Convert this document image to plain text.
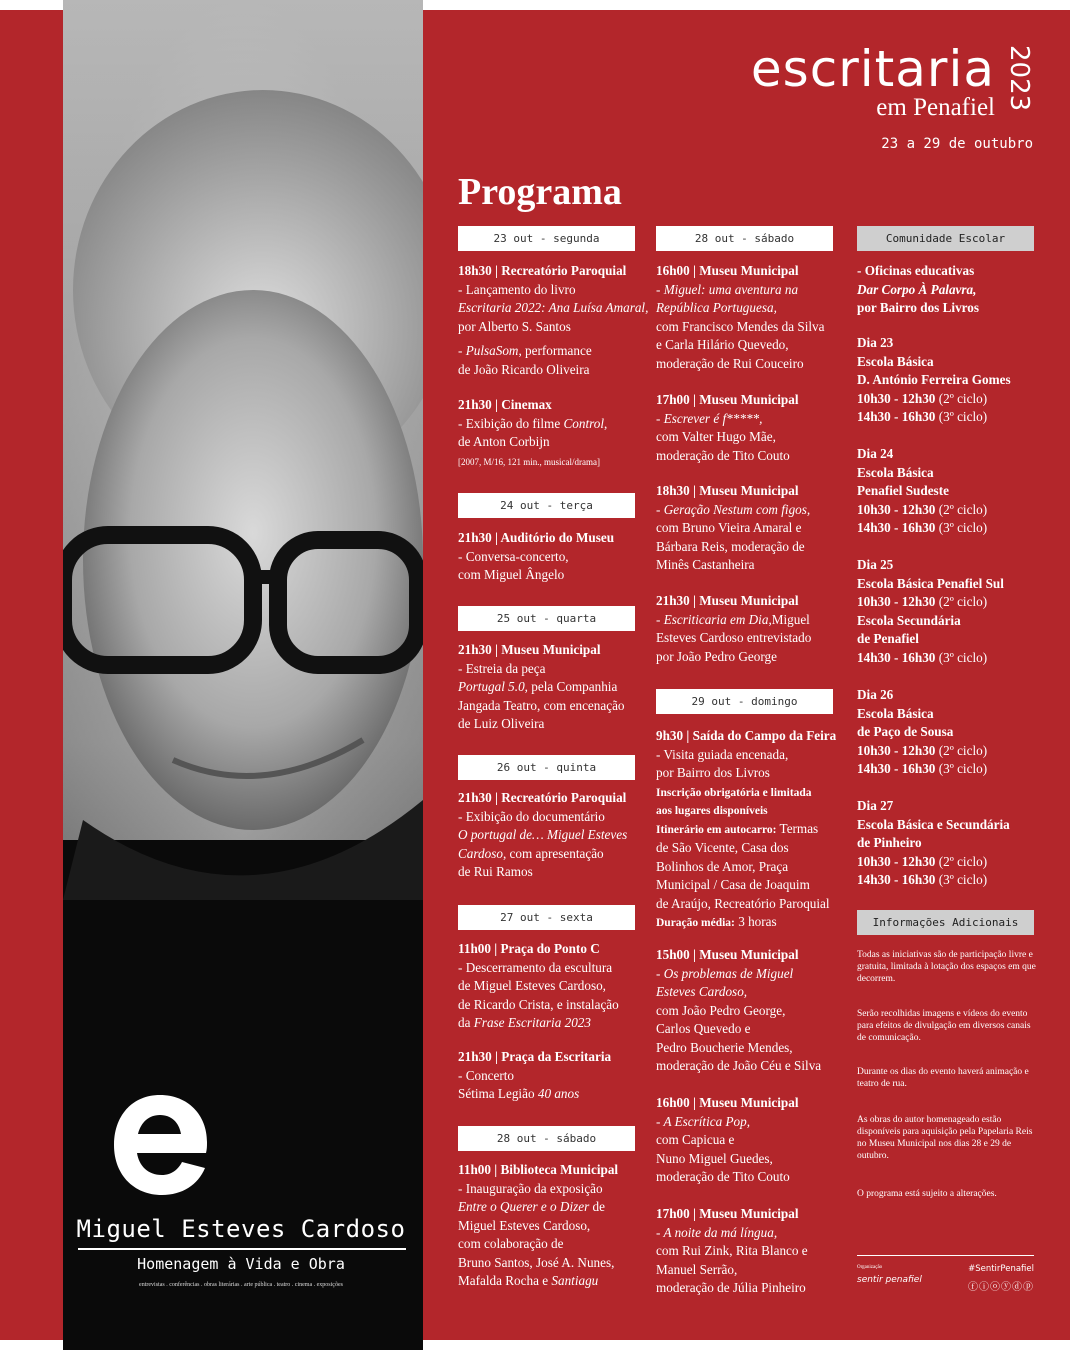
Miguel Esteves Cardoso
Homenagem à Vida e Obra
entrevistas . conferências . obras literárias . arte pública . teatro . cinema . exposições
escritaria
em Penafiel 2023
23 a 29 de outubro
Programa
23 out - segunda
18h30 | Recreatório Paroquial
- Lançamento do livro
Escritaria 2022: Ana Luísa Amaral,
por Alberto S. Santos

- PulsaSom, performance
de João Ricardo Oliveira
21h30 | Cinemax
- Exibição do filme Control,
de Anton Corbijn
[2007, M/16, 121 min., musical/drama]
24 out - terça
21h30 | Auditório do Museu
- Conversa-concerto,
com Miguel Ângelo
25 out - quarta
21h30 | Museu Municipal
- Estreia da peça
Portugal 5.0, pela Companhia
Jangada Teatro, com encenação
de Luiz Oliveira
26 out - quinta
21h30 | Recreatório Paroquial
- Exibição do documentário
O portugal de… Miguel Esteves
Cardoso, com apresentação
de Rui Ramos
27 out - sexta
11h00 | Praça do Ponto C
- Descerramento da escultura
de Miguel Esteves Cardoso,
de Ricardo Crista, e instalação
da Frase Escritaria 2023
21h30 | Praça da Escritaria
- Concerto
Sétima Legião 40 anos
28 out - sábado
11h00 | Biblioteca Municipal
- Inauguração da exposição
Entre o Querer e o Dizer de
Miguel Esteves Cardoso,
com colaboração de
Bruno Santos, José A. Nunes,
Mafalda Rocha e Santiagu
28 out - sábado
16h00 | Museu Municipal
- Miguel: uma aventura na
República Portuguesa,
com Francisco Mendes da Silva
e Carla Hilário Quevedo,
moderação de Rui Couceiro
17h00 | Museu Municipal
- Escrever é f*****,
com Valter Hugo Mãe,
moderação de Tito Couto
18h30 | Museu Municipal
- Geração Nestum com figos,
com Bruno Vieira Amaral e
Bárbara Reis, moderação de
Minês Castanheira
21h30 | Museu Municipal
- Escriticaria em Dia,Miguel
Esteves Cardoso entrevistado
por João Pedro George
29 out - domingo
9h30 | Saída do Campo da Feira
- Visita guiada encenada,
por Bairro dos Livros
Inscrição obrigatória e limitada
aos lugares disponíveis
Itinerário em autocarro: Termas
de São Vicente, Casa dos
Bolinhos de Amor, Praça
Municipal / Casa de Joaquim
de Araújo, Recreatório Paroquial
Duração média: 3 horas
15h00 | Museu Municipal
- Os problemas de Miguel
Esteves Cardoso,
com João Pedro George,
Carlos Quevedo e
Pedro Boucherie Mendes,
moderação de João Céu e Silva
16h00 | Museu Municipal
- A Escrítica Pop,
com Capicua e
Nuno Miguel Guedes,
moderação de Tito Couto
17h00 | Museu Municipal
- A noite da má língua,
com Rui Zink, Rita Blanco e
Manuel Serrão,
moderação de Júlia Pinheiro
Comunidade Escolar
- Oficinas educativas
Dar Corpo À Palavra,
por Bairro dos Livros
Dia 23
Escola Básica
D. António Ferreira Gomes
10h30 - 12h30 (2º ciclo)
14h30 - 16h30 (3º ciclo)
Dia 24
Escola Básica
Penafiel Sudeste
10h30 - 12h30 (2º ciclo)
14h30 - 16h30 (3º ciclo)
Dia 25
Escola Básica Penafiel Sul
10h30 - 12h30 (2º ciclo)
Escola Secundária
de Penafiel
14h30 - 16h30 (3º ciclo)
Dia 26
Escola Básica
de Paço de Sousa
10h30 - 12h30 (2º ciclo)
14h30 - 16h30 (3º ciclo)
Dia 27
Escola Básica e Secundária
de Pinheiro
10h30 - 12h30 (2º ciclo)
14h30 - 16h30 (3º ciclo)
Informações Adicionais
Todas as iniciativas são de participação livre e gratuita, limitada à lotação dos espaços em que decorrem.
Serão recolhidas imagens e vídeos do evento para efeitos de divulgação em diversos canais de comunicação.
Durante os dias do evento haverá animação e teatro de rua.
As obras do autor homenageado estão disponíveis para aquisição pela Papelaria Reis no Museu Municipal nos dias 28 e 29 de outubro.
O programa está sujeito a alterações.
Organização
sentir penafiel
#SentirPenafiel
ⓕⓘⓞⓨⓓⓟ
